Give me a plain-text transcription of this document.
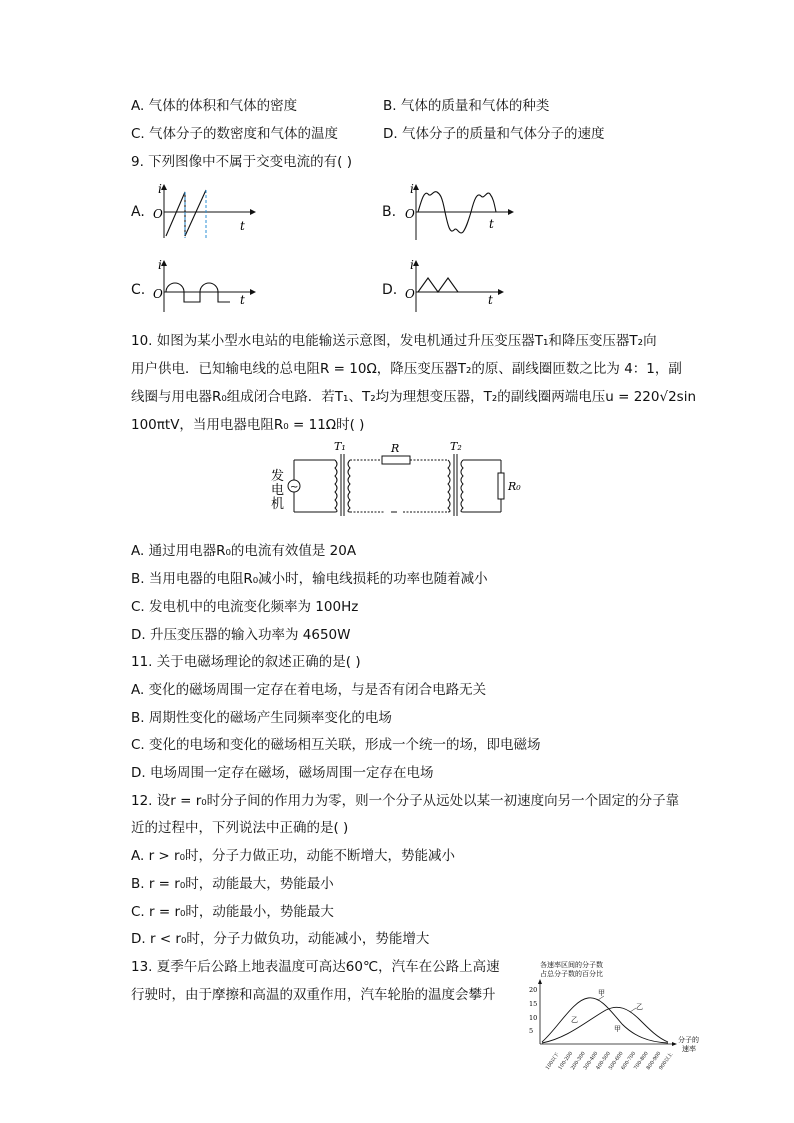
A. 气体的体积和气体的密度	B. 气体的质量和气体的种类
C. 气体分子的数密度和气体的温度	D. 气体分子的质量和气体分子的速度
9. 下列图像中不属于交变电流的有( )
A.	B.
C.	D.
i
t
O
i
t
O
i
t
O
i
t
O
10. 如图为某小型水电站的电能输送示意图，发电机通过升压变压器T₁和降压变压器T₂向
用户供电．已知输电线的总电阻R = 10Ω，降压变压器T₂的原、副线圈匝数之比为 4：1，副
线圈与用电器R₀组成闭合电路．若T₁、T₂均为理想变压器，T₂的副线圈两端电压u = 220√2sin
100πtV，当用电器电阻R₀ = 11Ω时( )
发
电
机
~
T₁	R	T₂
R₀
A. 通过用电器R₀的电流有效值是 20A
B. 当用电器的电阻R₀减小时，输电线损耗的功率也随着减小
C. 发电机中的电流变化频率为 100Hz
D. 升压变压器的输入功率为 4650W
11. 关于电磁场理论的叙述正确的是( )
A. 变化的磁场周围一定存在着电场，与是否有闭合电路无关
B. 周期性变化的磁场产生同频率变化的电场
C. 变化的电场和变化的磁场相互关联，形成一个统一的场，即电磁场
D. 电场周围一定存在磁场，磁场周围一定存在电场
12. 设r = r₀时分子间的作用力为零，则一个分子从远处以某一初速度向另一个固定的分子靠
近的过程中，下列说法中正确的是( )
A. r > r₀时，分子力做正功，动能不断增大，势能减小
B. r = r₀时，动能最大，势能最小
C. r = r₀时，动能最小，势能最大
D. r < r₀时，分子力做负功，动能减小，势能增大
13. 夏季午后公路上地表温度可高达60℃，汽车在公路上高速
行驶时，由于摩擦和高温的双重作用，汽车轮胎的温度会攀升
各速率区间的分子数
占总分子数的百分比
分子的
速率
20
15
10
5
100以下
100-200
200-300
300-400
400-500
500-600
600-700
700-800
800-900
900以上
甲
乙
乙
甲
